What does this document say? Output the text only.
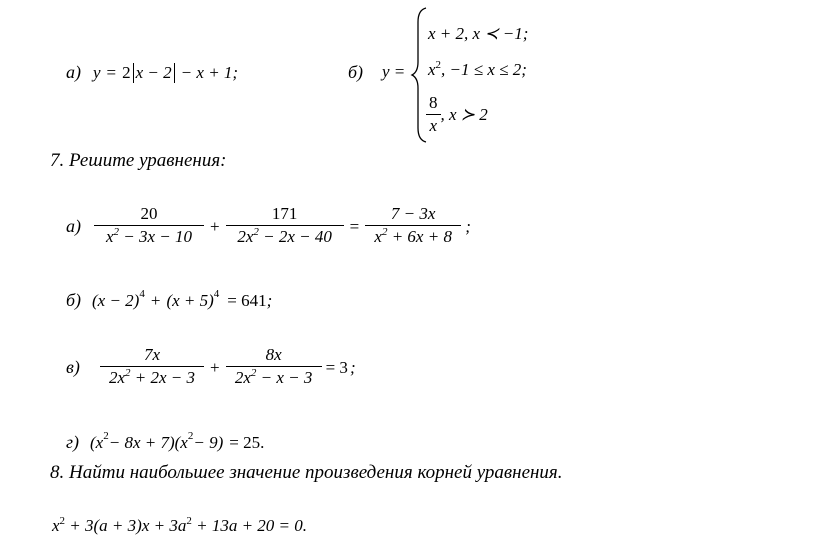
а) y = 2 x − 2 − x + 1 ;	б) y =
x + 2, x ≺ −1;
$x^2$, −1 ≤ x ≤ 2;
$\frac{8}{x}$ , x ≻ 2
7. Решите уравнения:
$а) \frac{20}{x^2 - 3x - 10} + \frac{171}{2x^2 - 2x - 40} = \frac{7 - 3x}{x^2 + 6x + 8}$ ;
б) $(x - 2)^4 + (x + 5)^4 = 641$ ;
в)	$\frac{7x}{2x^2 + 2x - 3} + \frac{8x}{2x^2 - x - 3} = 3$ ;
г) $(x^2 - 8x + 7) (x^2 - 9) = 25$.
8. Найти наибольшее значение произведения корней уравнения.
$x^2 + 3(a + 3)x + 3a^2 + 13a + 20 = 0$.
